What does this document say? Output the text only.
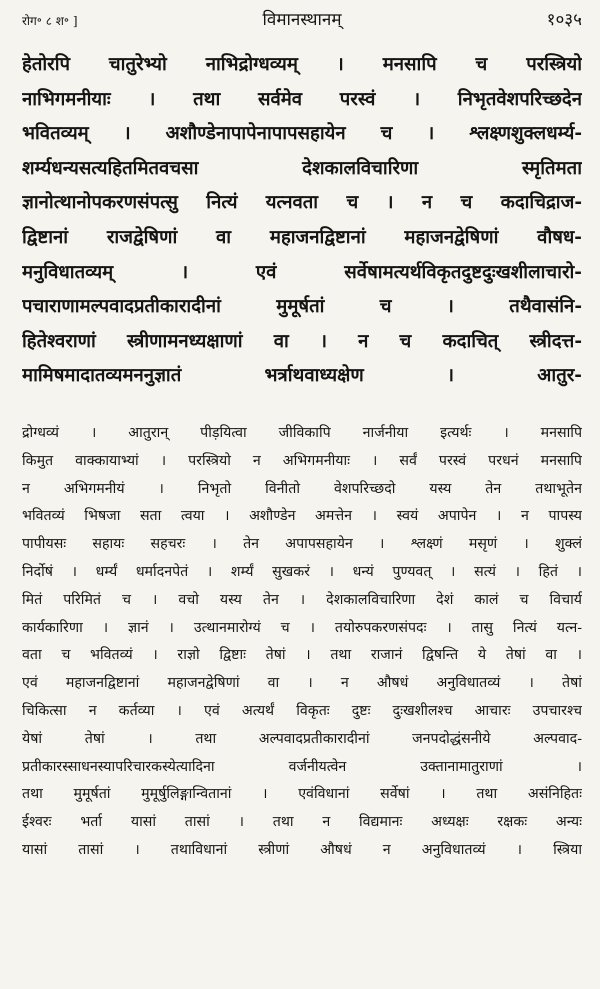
रोग॰ ८ श॰ ]	विमानस्थानम्	१०३५
हेतोरपि चातुरेभ्यो नाभिद्रोग्धव्यम् । मनसापि च परस्त्रियो
नाभिगमनीयाः । तथा सर्वमेव परस्वं । निभृतवेशपरिच्छदेन
भवितव्यम् । अशौण्डेनापापेनापापसहायेन च । श्लक्ष्णशुक्लधर्म्य-
शर्म्यधन्यसत्यहितमितवचसा देशकालविचारिणा स्मृतिमता
ज्ञानोत्थानोपकरणसंपत्सु नित्यं यत्नवता च । न च कदाचिद्राज-
द्विष्टानां राजद्वेषिणां वा महाजनद्विष्टानां महाजनद्वेषिणां वौषध-
मनुविधातव्यम् । एवं सर्वेषामत्यर्थविकृतदुष्टदुःखशीलाचारो-
पचाराणामल्पवादप्रतीकारादीनां मुमूर्षतां च । तथैवासंनि-
हितेश्वराणां स्त्रीणामनध्यक्षाणां वा । न च कदाचित् स्त्रीदत्त-
मामिषमादातव्यमननुज्ञातं भर्त्राथवाध्यक्षेण । आतुर-
द्रोग्धव्यं । आतुरान् पीड़यित्वा जीविकापि नार्जनीया इत्यर्थः । मनसापि
किमुत वाक्कायाभ्यां । परस्त्रियो न अभिगमनीयाः । सर्वं परस्वं परधनं मनसापि
न अभिगमनीयं । निभृतो विनीतो वेशपरिच्छदो यस्य तेन तथाभूतेन
भवितव्यं भिषजा सता त्वया । अशौण्डेन अमत्तेन । स्वयं अपापेन । न पापस्य
पापीयसः सहायः सहचरः । तेन अपापसहायेन । श्लक्ष्णं मसृणं । शुक्लं
निर्दोषं । धर्म्यं धर्मादनपेतं । शर्म्यं सुखकरं । धन्यं पुण्यवत् । सत्यं । हितं ।
मितं परिमितं च । वचो यस्य तेन । देशकालविचारिणा देशं कालं च विचार्य
कार्यकारिणा । ज्ञानं । उत्थानमारोग्यं च । तयोरुपकरणसंपदः । तासु नित्यं यत्न-
वता च भवितव्यं । राज्ञो द्विष्टाः तेषां । तथा राजानं द्विषन्ति ये तेषां वा ।
एवं महाजनद्विष्टानां महाजनद्वेषिणां वा । न औषधं अनुविधातव्यं । तेषां
चिकित्सा न कर्तव्या । एवं अत्यर्थं विकृतः दुष्टः दुःखशीलश्च आचारः उपचारश्च
येषां तेषां । तथा अल्पवादप्रतीकारादीनां जनपदोद्धंसनीये अल्पवाद-
प्रतीकारस्साधनस्यापरिचारकस्येत्यादिना वर्जनीयत्वेन उक्तानामातुराणां ।
तथा मुमूर्षतां मुमूर्षुलिङ्गान्वितानां । एवंविधानां सर्वेषां । तथा असंनिहितः
ईश्वरः भर्ता यासां तासां । तथा न विद्यमानः अध्यक्षः रक्षकः अन्यः
यासां तासां । तथाविधानां स्त्रीणां औषधं न अनुविधातव्यं । स्त्रिया
